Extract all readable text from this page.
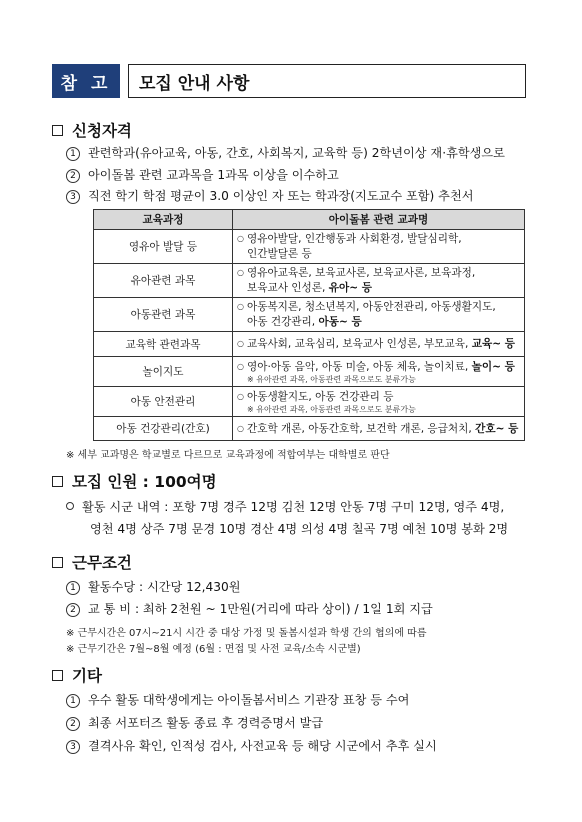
참 고	모집 안내 사항
신청자격
1 관련학과(유아교육, 아동, 간호, 사회복지, 교육학 등) 2학년이상 재·휴학생으로
2 아이돌봄 관련 교과목을 1과목 이상을 이수하고
3 직전 학기 학점 평균이 3.0 이상인 자 또는 학과장(지도교수 포함) 추천서
교육과정	아이돌봄 관련 교과명
영유아 발달 등	○ 영유아발달, 인간행동과 사회환경, 발달심리학,
인간발달론 등
유아관련 과목	○ 영유아교육론, 보육교사론, 보육교사론, 보육과정,
보육교사 인성론, 유아~ 등
아동관련 과목	○ 아동복지론, 청소년복지, 아동안전관리, 아동생활지도,
아동 건강관리, 아동~ 등
교육학 관련과목	○ 교육사회, 교육심리, 보육교사 인성론, 부모교육, 교육~ 등
놀이지도	○ 영아·아동 음악, 아동 미술, 아동 체육, 놀이치료, 놀이~ 등
※ 유아관련 과목, 아동관련 과목으로도 분류가능

아동 안전관리	○ 아동생활지도, 아동 건강관리 등
※ 유아관련 과목, 아동관련 과목으로도 분류가능

아동 건강관리(간호)	○ 간호학 개론, 아동간호학, 보건학 개론, 응급처치, 간호~ 등
※ 세부 교과명은 학교별로 다르므로 교육과정에 적합여부는 대학별로 판단
모집 인원 : 100여명
활동 시군 내역 : 포항 7명 경주 12명 김천 12명 안동 7명 구미 12명, 영주 4명,
영천 4명 상주 7명 문경 10명 경산 4명 의성 4명 칠곡 7명 예천 10명 봉화 2명
근무조건
1 활동수당 : 시간당 12,430원
2 교 통 비 : 최하 2천원 ~ 1만원(거리에 따라 상이) / 1일 1회 지급
※ 근무시간은 07시~21시 시간 중 대상 가정 및 돌봄시설과 학생 간의 협의에 따름
※ 근무기간은 7월~8월 예정 (6월 : 면접 및 사전 교육/소속 시군별)
기타
1 우수 활동 대학생에게는 아이돌봄서비스 기관장 표창 등 수여
2 최종 서포터즈 활동 종료 후 경력증명서 발급
3 결격사유 확인, 인적성 검사, 사전교육 등 해당 시군에서 추후 실시
